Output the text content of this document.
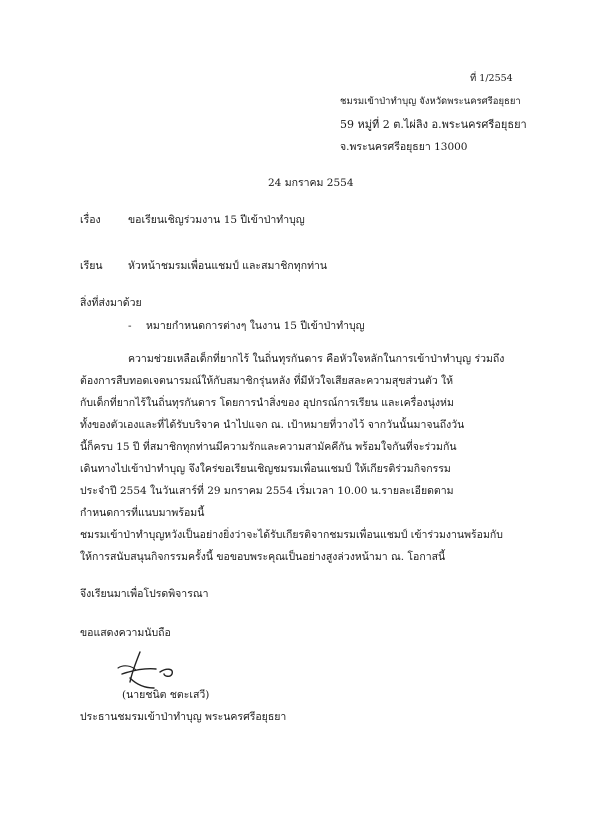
ที่ 1/2554
ชมรมเข้าป่าทำบุญ จังหวัดพระนครศรีอยุธยา
59 หมู่ที่ 2 ต.ไผ่ลิง อ.พระนครศรีอยุธยา
จ.พระนครศรีอยุธยา 13000
24 มกราคม 2554
เรื่อง	ขอเรียนเชิญร่วมงาน 15 ปีเข้าป่าทำบุญ
เรียน หัวหน้าชมรมเพื่อนแชมป์ และสมาชิกทุกท่าน
สิ่งที่ส่งมาด้วย
- หมายกำหนดการต่างๆ ในงาน 15 ปีเข้าป่าทำบุญ
ความช่วยเหลือเด็กที่ยากไร้ ในถิ่นทุรกันดาร คือหัวใจหลักในการเข้าป่าทำบุญ ร่วมถึง
ต้องการสืบทอดเจตนารมณ์ให้กับสมาชิกรุ่นหลัง ที่มีหัวใจเสียสละความสุขส่วนตัว ให้
กับเด็กที่ยากไร้ในถิ่นทุรกันดาร โดยการนำสิ่งของ อุปกรณ์การเรียน และเครื่องนุ่งห่ม
ทั้งของตัวเองและที่ได้รับบริจาค นำไปแจก ณ. เป้าหมายที่วางไว้ จากวันนั้นมาจนถึงวัน
นี้ก็ครบ 15 ปี ที่สมาชิกทุกท่านมีความรักและความสามัคคีกัน พร้อมใจกันที่จะร่วมกัน
เดินทางไปเข้าป่าทำบุญ จึงใคร่ขอเรียนเชิญชมรมเพื่อนแชมป์ ให้เกียรติร่วมกิจกรรม
ประจำปี 2554 ในวันเสาร์ที่ 29 มกราคม 2554 เริ่มเวลา 10.00 น.รายละเอียดตาม
กำหนดการที่แนบมาพร้อมนี้
ชมรมเข้าป่าทำบุญหวังเป็นอย่างยิ่งว่าจะได้รับเกียรติจากชมรมเพื่อนแชมป์ เข้าร่วมงานพร้อมกับ
ให้การสนับสนุนกิจกรรมครั้งนี้ ขอขอบพระคุณเป็นอย่างสูงล่วงหน้ามา ณ. โอกาสนี้
จึงเรียนมาเพื่อโปรดพิจารณา
ขอแสดงความนับถือ
(นายชนิต ชตะเสวี)
ประธานชมรมเข้าป่าทำบุญ พระนครศรีอยุธยา
